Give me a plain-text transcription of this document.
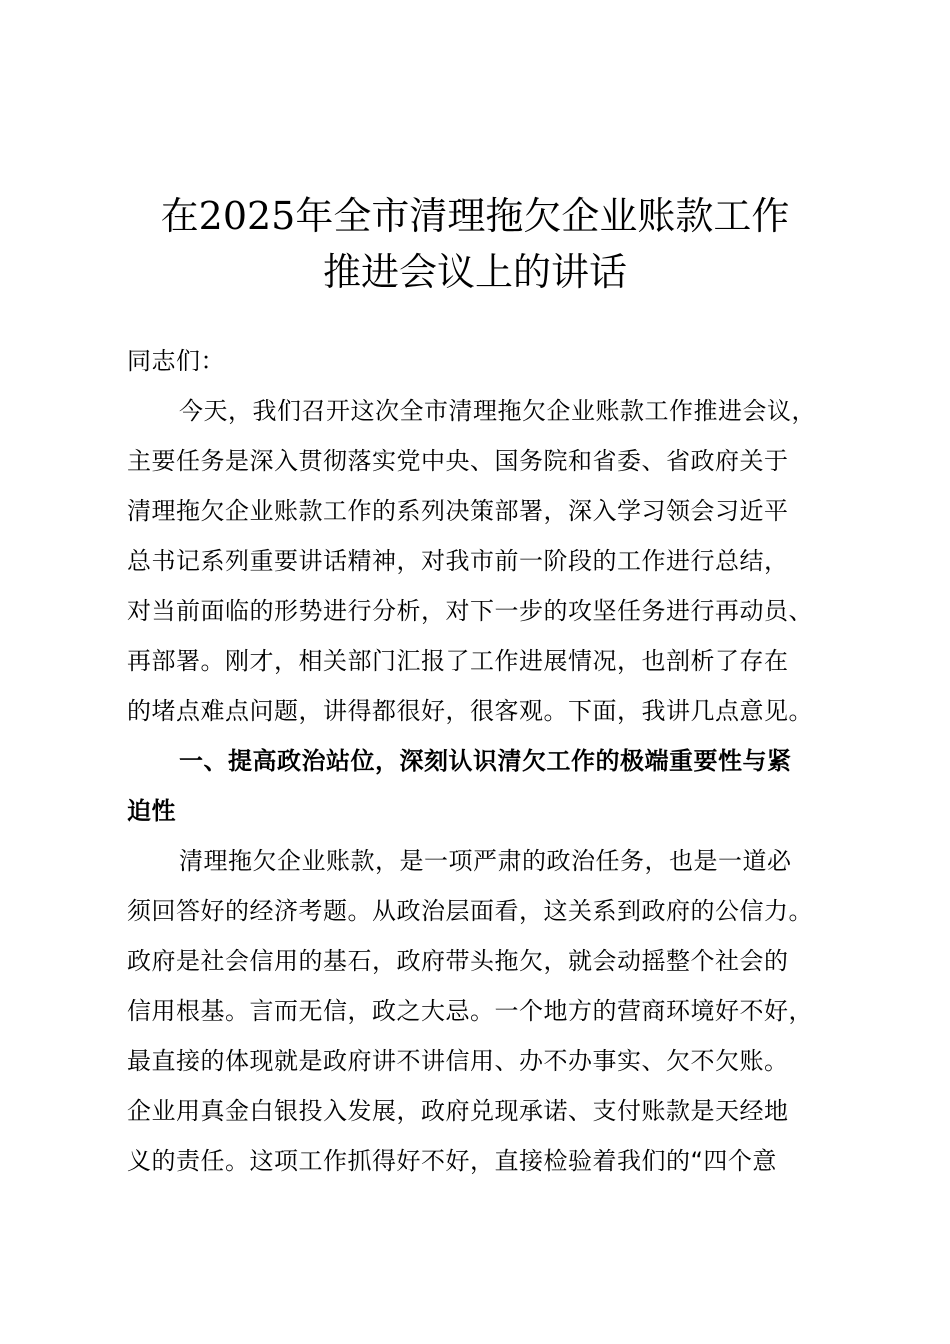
在2025年全市清理拖欠企业账款工作
推进会议上的讲话
同志们：
今天，我们召开这次全市清理拖欠企业账款工作推进会议，
主要任务是深入贯彻落实党中央、国务院和省委、省政府关于
清理拖欠企业账款工作的系列决策部署，深入学习领会习近平
总书记系列重要讲话精神，对我市前一阶段的工作进行总结，
对当前面临的形势进行分析，对下一步的攻坚任务进行再动员、
再部署。刚才，相关部门汇报了工作进展情况，也剖析了存在
的堵点难点问题，讲得都很好，很客观。下面，我讲几点意见。
一、提高政治站位，深刻认识清欠工作的极端重要性与紧
迫性
清理拖欠企业账款，是一项严肃的政治任务，也是一道必
须回答好的经济考题。从政治层面看，这关系到政府的公信力。
政府是社会信用的基石，政府带头拖欠，就会动摇整个社会的
信用根基。言而无信，政之大忌。一个地方的营商环境好不好，
最直接的体现就是政府讲不讲信用、办不办事实、欠不欠账。
企业用真金白银投入发展，政府兑现承诺、支付账款是天经地
义的责任。这项工作抓得好不好，直接检验着我们的“四个意
